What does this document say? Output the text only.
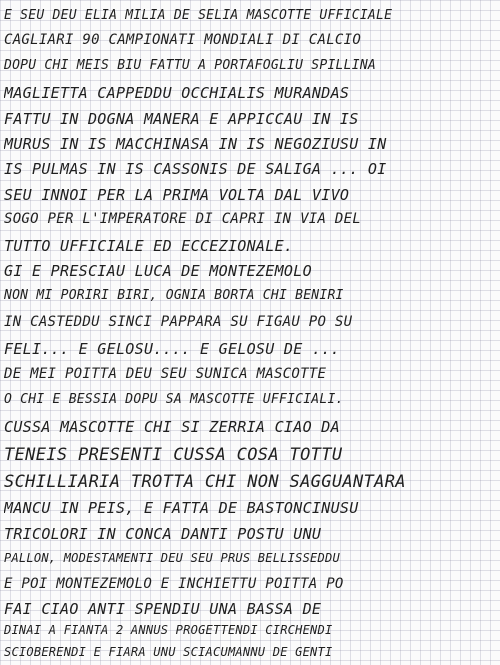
E SEU DEU ELIA MILIA DE SELIA MASCOTTE UFFICIALE
CAGLIARI 90 CAMPIONATI MONDIALI DI CALCIO
DOPU CHI MEIS BIU FATTU A PORTAFOGLIU SPILLINA
MAGLIETTA CAPPEDDU OCCHIALIS MURANDAS
FATTU IN DOGNA MANERA E APPICCAU IN IS
MURUS IN IS MACCHINASA IN IS NEGOZIUSU IN
IS PULMAS IN IS CASSONIS DE SALIGA ... OI
SEU INNOI PER LA PRIMA VOLTA DAL VIVO
SOGO PER L'IMPERATORE DI CAPRI IN VIA DEL
TUTTO UFFICIALE ED ECCEZIONALE.
GI E PRESCIAU LUCA DE MONTEZEMOLO
NON MI PORIRI BIRI, OGNIA BORTA CHI BENIRI
IN CASTEDDU SINCI PAPPARA SU FIGAU PO SU
FELI... E GELOSU.... E GELOSU DE ...
DE MEI POITTA DEU SEU SUNICA MASCOTTE
O CHI E BESSIA DOPU SA MASCOTTE UFFICIALI.
CUSSA MASCOTTE CHI SI ZERRIA CIAO DA
TENEIS PRESENTI CUSSA COSA TOTTU
SCHILLIARIA TROTTA CHI NON SAGGUANTARA
MANCU IN PEIS, E FATTA DE BASTONCINUSU
TRICOLORI IN CONCA DANTI POSTU UNU
PALLON, MODESTAMENTI DEU SEU PRUS BELLISSEDDU
E POI MONTEZEMOLO E INCHIETTU POITTA PO
FAI CIAO ANTI SPENDIU UNA BASSA DE
DINAI A FIANTA 2 ANNUS PROGETTENDI CIRCHENDI
SCIOBERENDI E FIARA UNU SCIACUMANNU DE GENTI
